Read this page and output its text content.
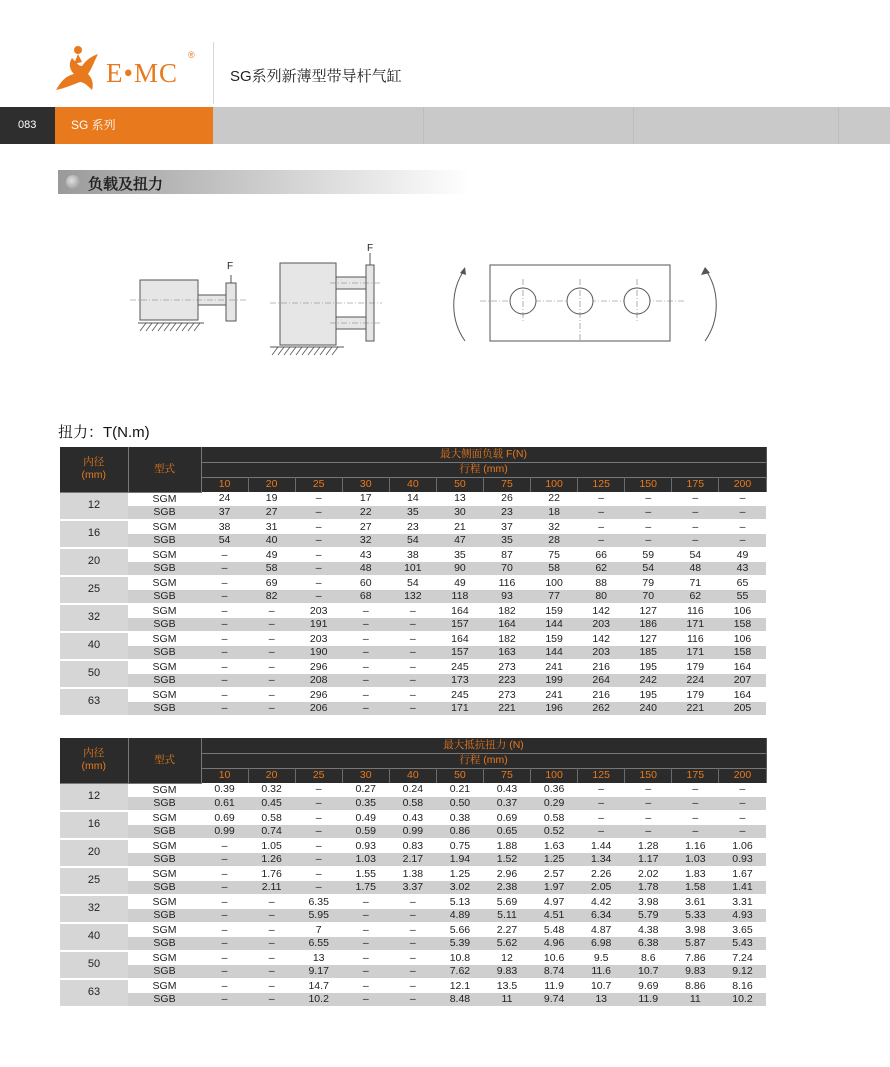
E•MC
®
SG系列新薄型带导杆气缸
083	SG 系列
负载及扭力
F
F
扭力：T(N.m)
内径
(mm)	型式	最大侧面负载 F(N)											
		行程 (mm)											
		10	20	25	30	40	50	75	100	125	150	175	200
12	SGM	24	19	–	17	14	13	26	22	–	–	–	–
	SGB	37	27	–	22	35	30	23	18	–	–	–	–
16	SGM	38	31	–	27	23	21	37	32	–	–	–	–
	SGB	54	40	–	32	54	47	35	28	–	–	–	–
20	SGM	–	49	–	43	38	35	87	75	66	59	54	49
	SGB	–	58	–	48	101	90	70	58	62	54	48	43
25	SGM	–	69	–	60	54	49	116	100	88	79	71	65
	SGB	–	82	–	68	132	118	93	77	80	70	62	55
32	SGM	–	–	203	–	–	164	182	159	142	127	116	106
	SGB	–	–	191	–	–	157	164	144	203	186	171	158
40	SGM	–	–	203	–	–	164	182	159	142	127	116	106
	SGB	–	–	190	–	–	157	163	144	203	185	171	158
50	SGM	–	–	296	–	–	245	273	241	216	195	179	164
	SGB	–	–	208	–	–	173	223	199	264	242	224	207
63	SGM	–	–	296	–	–	245	273	241	216	195	179	164
	SGB	–	–	206	–	–	171	221	196	262	240	221	205
内径
(mm)	型式	最大抵抗扭力 (N)											
		行程 (mm)											
		10	20	25	30	40	50	75	100	125	150	175	200
12	SGM	0.39	0.32	–	0.27	0.24	0.21	0.43	0.36	–	–	–	–
	SGB	0.61	0.45	–	0.35	0.58	0.50	0.37	0.29	–	–	–	–
16	SGM	0.69	0.58	–	0.49	0.43	0.38	0.69	0.58	–	–	–	–
	SGB	0.99	0.74	–	0.59	0.99	0.86	0.65	0.52	–	–	–	–
20	SGM	–	1.05	–	0.93	0.83	0.75	1.88	1.63	1.44	1.28	1.16	1.06
	SGB	–	1.26	–	1.03	2.17	1.94	1.52	1.25	1.34	1.17	1.03	0.93
25	SGM	–	1.76	–	1.55	1.38	1.25	2.96	2.57	2.26	2.02	1.83	1.67
	SGB	–	2.11	–	1.75	3.37	3.02	2.38	1.97	2.05	1.78	1.58	1.41
32	SGM	–	–	6.35	–	–	5.13	5.69	4.97	4.42	3.98	3.61	3.31
	SGB	–	–	5.95	–	–	4.89	5.11	4.51	6.34	5.79	5.33	4.93
40	SGM	–	–	7	–	–	5.66	2.27	5.48	4.87	4.38	3.98	3.65
	SGB	–	–	6.55	–	–	5.39	5.62	4.96	6.98	6.38	5.87	5.43
50	SGM	–	–	13	–	–	10.8	12	10.6	9.5	8.6	7.86	7.24
	SGB	–	–	9.17	–	–	7.62	9.83	8.74	11.6	10.7	9.83	9.12
63	SGM	–	–	14.7	–	–	12.1	13.5	11.9	10.7	9.69	8.86	8.16
	SGB	–	–	10.2	–	–	8.48	11	9.74	13	11.9	11	10.2
